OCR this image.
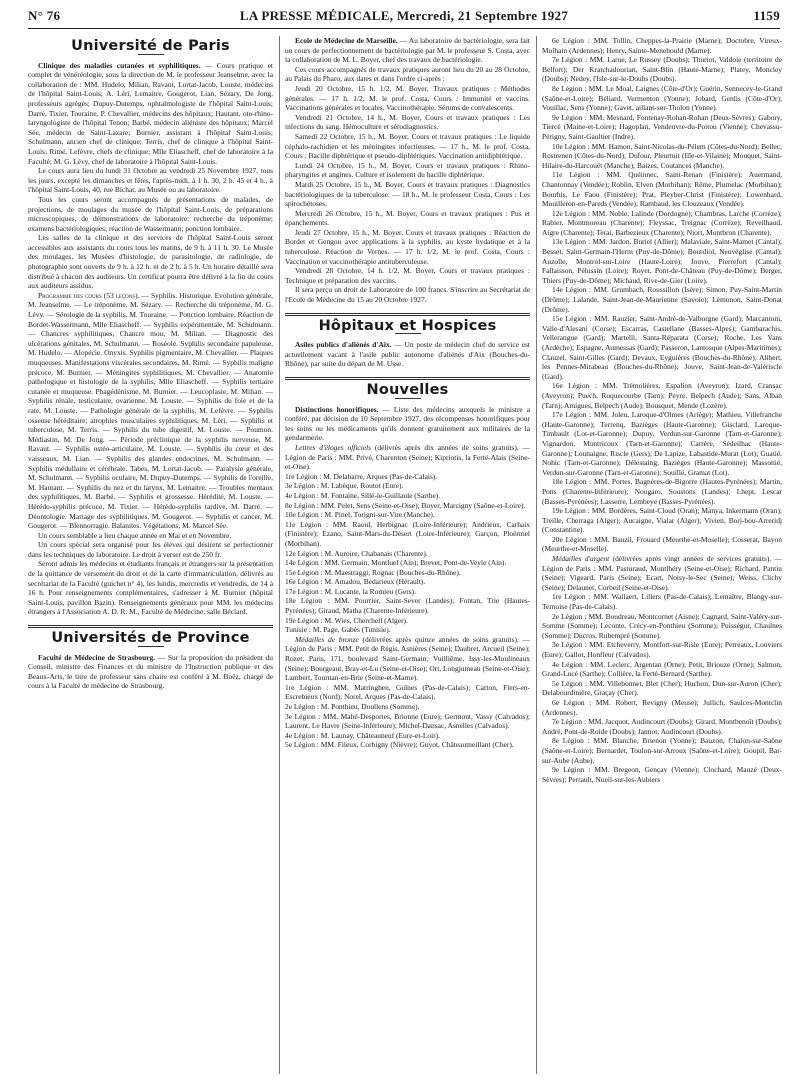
N° 76	LA PRESSE MÉDICALE, Mercredi, 21 Septembre 1927	1159
Université de Paris

Clinique des maladies cutanées et syphilitiques. — Cours pratique et complet de vénéréologie, sous la direction de M. le professeur Jeanselme, avec la collaboration de : MM. Hudelo, Milian, Ravaut, Lortat-Jacob, Louste, médecins de l'hôpital Saint-Louis; A. Léri, Lemaitre, Gougerot, Lian, Sézary, De Jong, professeurs agrégés; Dupuy-Dutemps, ophtalmologiste de l'hôpital Saint-Louis; Darré, Tixier, Touraine, P. Chevallier, médecins des hôpitaux; Hautant, oto-rhino-laryngologiste de l'hôpital Tenon; Barbé, médecin aliéniste des hôpitaux; Marcel Sée, médecin de Saint-Lazare; Burnier, assistant à l'hôpital Saint-Louis; Schulmann, ancien chef de clinique; Terris, chef de clinique à l'hôpital Saint-Louis; Rimé, Lefèvre, chefs de clinique; Mlle Eliascheff, chef de laboratoire à la Faculté; M. G. Lévy, chef de laboratoire à l'hôpital Saint-Louis.

Le cours aura lieu du lundi 31 Octobre au vendredi 25 Novembre 1927, tous les jours, excepté les dimanches et fêtes, l'après-midi, à 1 h. 30, 2 h. 45 et 4 h., à l'hôpital Saint-Louis, 40, rue Bichat, au Musée ou au laboratoire.

Tous les cours seront accompagnés de présentations de malades, de projections, de moulages du musée de l'hôpital Saint-Louis, de préparations microscopiques, de démonstrations de laboratoire: recherche du tréponème; examens bactériologiques; réaction de Wassermann; ponction lombaire.

Les salles de la clinique et des services de l'hôpital Saint-Louis seront accessibles aux assistants du cours tous les matins, de 9 h. à 11 h. 30. Le Musée des moulages, les Musées d'histologie, de parasitologie, de radiologie, de photographie sont ouverts de 9 h. à 12 h. et de 2 h. à 5 h. Un horaire détaillé sera distribué à chacun des auditeurs. Un certificat pourra être délivré à la fin du cours aux auditeurs assidus.

Programme des cours (53 leçons). — Syphilis. Historique. Evolution générale, M. Jeanselme. — Le tréponème, M. Sézary. — Recherche du tréponème, M. G. Lévy. — Sérologie de la syphilis, M. Touraine. — Ponction lombaire. Réaction de Bordet-Wassermann, Mlle Eliascheff. — Syphilis expérimentale, M. Schulmann. — Chancres syphilitiques, Chancre mou, M. Milian. — Diagnostic des ulcérations génitales, M. Schulmann. — Roséole. Syphilis secondaire papuleuse, M. Hudelo. — Alopécie. Onyxis. Syphilis pigmentaire, M. Chevallier. — Plaques muqueuses. Manifestations viscérales secondaires, M. Rimé. — Syphilis maligne précoce, M. Burnier. — Méningites syphilitiques, M. Chevallier. — Anatomie pathologique et histologie de la syphilis, Mlle Eliascheff. — Syphilis tertiaire cutanée et muqueuse. Phagédénisme, M. Burnier. — Leucoplasie, M. Milian. — Syphilis rénale, testiculaire, ovarienne, M. Louste. — Syphilis du foie et de la rate, M. Louste. — Pathologie générale de la syphilis, M. Lefèvre. — Syphilis osseuse héréditaire; atrophies musculaires syphilitiques, M. Léri. — Syphilis et tuberculose, M. Terris. — Syphilis du tube digestif, M. Louste. — Poumon. Médiastin, M. De Jong. — Période préclinique de la syphilis nerveuse, M. Ravaut. — Syphilis ostéo-articulaire, M. Louste. — Syphilis du cœur et des vaisseaux, M. Lian. — Syphilis des glandes endocrines, M. Schulmann. — Syphilis médullaire et cérébrale. Tabes, M. Lortat-Jacob. — Paralysie générale, M. Schulmann. — Syphilis oculaire, M. Dupuy-Dutemps. — Syphilis de l'oreille, M. Hautant. — Syphilis du nez et du larynx, M. Lemaitre. — Troubles mentaux des syphilitiques, M. Barbé. — Syphilis et grossesse. Hérédité, M. Louste. — Hérédo-syphilis précoce, M. Tixier. — Hérédo-syphilis tardive, M. Darré. — Déontologie. Mariage des syphilitiques, M. Gougerot. — Syphilis et cancer, M. Gougerot. — Blennorragie. Balanites. Végétations, M. Marcel Sée.

Un cours semblable a lieu chaque année en Mai et en Novembre.

Un cours spécial sera organisé pour les élèves qui désirent se perfectionner dans les techniques de laboratoire. Le droit à verser est de 250 fr.

Seront admis les médecins et étudiants français et étrangers sur la présentation de la quittance de versement du droit et de la carte d'immatriculation, délivrés au secrétariat de la Faculté (guichet n° 4), les lundis, mercredis et vendredis, de 14 à 16 h. Pour renseignements complémentaires, s'adresser à M. Burnier (hôpital Saint-Louis, pavillon Bazin). Renseignements généraux pour MM. les médecins étrangers à l'Association A. D. R. M., Faculté de Médecine, salle Béclard.

Universités de Province

Faculté de Médecine de Strasbourg. — Sur la proposition du président du Conseil, ministre des Finances et du ministre de l'Instruction publique et des Beaux-Arts, le titre de professeur sans chaire est conféré à M. Boëz, chargé de cours à la Faculté de médecine de Strasbourg.

Ecole de Médecine de Marseille. — Au laboratoire de bactériologie, sera fait un cours de perfectionnement de bactériologie par M. le professeur S. Costa, avec la collaboration de M. L. Boyer, chef des travaux de bactériologie.

Ces cours accompagnés de travaux pratiques auront lieu du 20 au 28 Octobre, au Palais du Pharo, aux dates et dans l'ordre ci-après :

Jeudi 20 Octobre, 15 h. 1/2, M. Boyer, Travaux pratiques : Méthodes générales. — 17 h. 1/2, M. le prof. Costa, Cours : Immunité et vaccins. Vaccinations générales et locales. Vaccinothérapie. Sérums de convalescents.

Vendredi 21 Octobre, 14 h., M. Boyer, Cours et travaux pratiques : Les infections du sang. Hémoculture et sérodiagnostics.

Samedi 22 Octobre, 15 h., M. Boyer, Cours et travaux pratiques : Le liquide céphalo-rachidien et les méningites infectieuses. — 17 h., M. le prof. Costa, Cours : Bacille diphtérique et pseudo-diphtériques. Vaccination antidiphtérique.

Lundi 24 Octobre, 15 h., M. Boyer, Cours et travaux pratiques : Rhino-pharyngites et angines. Culture et isolement du bacille diphtérique.

Mardi 25 Octobre, 15 h., M. Boyer, Cours et travaux pratiques : Diagnostics bactériologiques de la tuberculose. — 18 h., M. le professeur Costa, Cours : Les spirochétoses.

Mercredi 26 Octobre, 15 h., M. Boyer, Cours et travaux pratiques : Pus et épanchements.

Jeudi 27 Octobre, 15 h., M. Boyer, Cours et travaux pratiques : Réaction de Bordet et Gengou avec applications à la syphilis, au kyste hydatique et à la tuberculose. Réaction de Vernes. — 17 h. 1/2, M. le prof. Costa, Cours : Vaccination et vaccinothérapie antituberculeuse.

Vendredi 28 Octobre, 14 h. 1/2, M. Boyer, Cours et travaux pratiques : Technique et préparation des vaccins.

Il sera perçu un droit de Laboratoire de 100 francs. S'inscrire au Secrétariat de l'Ecole de Médecine du 15 au 20 Octobre 1927.

Hôpitaux et Hospices

Asiles publics d'aliénés d'Aix. — Un poste de médecin chef de service est actuellement vacant à l'asile public autonome d'aliénés d'Aix (Bouches-du-Rhône), par suite du départ de M. Usse.

Nouvelles

Distinctions honorifiques. — Liste des médecins auxquels le ministre a conféré, par décision du 10 Septembre 1927, des récompenses honorifiques pour les soins ou les médicaments qu'ils donnent gratuitement aux militaires de la gendarmerie.

Lettres d'éloges officiels (délivrés après dix années de soins gratuits). — Légion de Paris : MM. Privé, Charenton (Seine); Kipriotis, la Ferté-Alais (Seine-et-Oise).

1re Légion : M. Delabarre, Arques (Pas-de-Calais).
3e Légion : M. Labèque, Routot (Eure).
4e Légion : M. Fontaine, Sillé-le-Guillaule (Sarthe).
8e Légion : MM. Pelet, Sens (Seine-et-Oise); Boyer, Marcigny (Saône-et-Loire).
10e Légion : M. Pinel, Torigni-sur-Vire (Manche).
11e Légion : MM. Raoul, Herbignac (Loire-Inférieure); Andrieux, Carhaix (Finistère); Ezano, Saint-Mars-du-Désert (Loire-Inférieure); Garçon, Ploërmel (Morbihan).
12e Légion : M. Auroire, Chabanais (Charente).
14e Légion : MM. Germain, Montluel (Ain); Brevet, Pont-de-Veyle (Ain).
15e Légion : M. Maestraggi, Rognac (Bouches-du-Rhône).
16e Légion : M. Amadou, Bédarieux (Hérault).
17e Légion : M. Lucante, la Romieu (Gers).
18e Légion : MM. Pourrier, Saint-Sever (Landes); Fontan, Trie (Hautes-Pyrénées); Giraud, Matha (Charente-Inférieure).
19e Légion : M. Wies, Cherchell (Alger).
Tunisie : M. Page, Gabès (Tunisie).

Médailles de bronze (délivrées après quinze années de soins gratuits). — Légion de Paris : MM. Petit de Régis, Asnières (Seine); Daubret, Arcueil (Seine); Rozet, Paris, 171, boulevard Saint-Germain; Vuilliême, Issy-les-Moulineaux (Seine); Bourgeaut, Bray-et-Lu (Seine-et-Oise); Ort, Longjumeau (Seine-et-Oise); Lambert, Tournan-en-Brie (Seine-et-Marne).

1re Légion : MM. Matringhen, Guînes (Pas-de-Calais); Carton, Flers-en-Escrebieux (Nord); Norel, Arques (Pas-de-Calais).
2e Légion : M. Ponthieu, Doullens (Somme).
3e Légion : MM. Mahé-Desportes, Brionne (Eure); Germont, Vassy (Calvados); Laurent, Le Havre (Seine-Inférieure); Michel-Dansac, Asnelles (Calvados).
4e Légion : M. Launay, Châteauneuf (Eure-et-Loir).
5e Légion : MM. Fileux, Corbigny (Nièvre); Guyot, Châteaumeillant (Cher).

6e Légion : MM. Tollin, Cheppes-la-Prairie (Marne); Doctobre, Vireux-Molhain (Ardennes); Henry, Sainte-Menehould (Marne).

7e Légion : MM. Larue, Le Russey (Doubs); Thuriot, Valdoie (territoire de Belfort); Der Kratchadourian, Saint-Blin (Haute-Marne); Platey, Moncley (Doubs); Nedey, l'Isle-sur-le-Doubs (Doubs).

8e Légion : MM. Le Moal, Laignes (Côte-d'Or); Guérin, Sennecey-le-Grand (Saône-et-Loire); Béliard, Vermenton (Yonne); Jobard, Genlis (Côte-d'Or); Vouillac, Sens (Yonne); Gavet, aillant-sur-Tholon (Yonne).

9e Légion : MM. Mesnard, Fontenay-Rohan-Rohan (Deux-Sèvres); Gabory, Tiercé (Maine-et-Loire); Hagoplan, Vendeuvre-du-Poitou (Vienne); Chevassu-Périgny, Saint-Gaultier (Indre).

10e Légion : MM. Hamon, Saint-Nicolas-du-Pélem (Côtes-du-Nord); Bellec, Rostrenen (Côtes-du-Nord); Dufour, Pleurtuit (Ille-et-Vilaine); Mouquet, Saint-Hilaire-du-Harcouët (Manche); Baizes, Coutances (Manche).

11e Légion : MM. Quéinnec, Saint-Renan (Finistère); Auermand, Chantonnay (Vendée); Roblin, Elven (Morbihan); Rême, Plumelac (Morbihan); Bourhis, Le Faou (Finistère); Prat, Pleyber-Christ (Finistère); Lowenhard, Mouilleron-en-Pareds (Vendée); Rambaud, les Clouzeaux (Vendée).

12e Légion : MM. Noble, Lalinde (Dordogne); Chambras, Larche (Corrèze); Rabier, Montmoreau (Charente); Fleyssac, Treignac (Corrèze); Reveilhaud, Aigre (Charente); Terai, Barbezieux (Charente); Niort, Montbron (Charente).

13e Légion : MM. Jardon, Buriel (Allier); Malaviale, Saint-Mamet (Cantal); Besset, Saint-Germain-l'Herm (Puy-de-Dôme); Bourdiol, Neuvéglise (Cantal); Auzolle, Montrol-sur-Loire (Haute-Loire); Jouve, Pierrefort (Cantal); Fallaisson, Pélussin (Loire); Royet, Pont-de-Château (Puy-de-Dôme); Berger, Thiers (Puy-de-Dôme); Michaud, Rive-de-Gier (Loire).

14e Légion : MM. Grumbach, Roussillon (Isère); Simon, Puy-Saint-Martin (Drôme); Lalande, Saint-Jean-de-Maurienne (Savoie); Lémonon, Saint-Donat (Drôme).

15e Légion : MM. Rauzier, Saint-André-de-Valborgne (Gard); Marcantoni, Valle-d'Alesani (Corse); Escarras, Castellane (Basses-Alpes); Gambarachis, Vellerangue (Gard); Martelli, Santa-Réparata (Corse); Roche, Les Vans (Ardèche); Espagne, Aumessas (Gard); Passeron, Lantosque (Alpes-Maritimes); Clauzel, Saint-Gilles (Gard); Devaux, Eyguières (Bouches-du-Rhône); Alibert, les Pennes-Mirabeau (Bouches-du-Rhône); Jouve, Saint-Jean-de-Valériscle (Gard).

16e Légion : MM. Trémolières, Espalion (Aveyron); Izard, Cransac (Aveyron); Puech, Roquecourbe (Tarn); Peyre, Belpech (Aude); Sans, Alban (Tarn); Amigues, Belpech (Aude); Bousquet, Mende (Lozère).

17e Légion : MM. Joleu, Laroque-d'Olmes (Ariège); Mathieu, Villefranche (Haute-Garonne); Terrenq, Bazièges (Haute-Garonne); Gisclard, Laroque-Timbault (Lot-et-Garonne); Dupuy, Verdun-sur-Garonne (Tarn-et-Garonne); Vignardou, Montricoux (Tarn-et-Garonne); Carrère, Sédeilhac (Haute-Garonne); Lounaigne, Riscle (Gers); De Lapize, Labastide-Murat (Lot); Guatié, Nohic (Tarn-et-Garonne); Délestaing, Bazièges (Haute-Garonne); Massonié, Verdun-sur-Garonne (Tarn-et-Garonne); Souillé, Gramat (Lot).

18e Légion : MM. Portes, Bagnères-de-Bigorre (Hautes-Pyrénées); Martin, Pons (Charente-Inférieure); Nougaro, Soustons (Landes); Lhept, Lescar (Basses-Pyrénées); Lasserre, Lembeye (Basses-Pyrénées).

19e Légion : MM. Bordères, Saint-Cloud (Oran); Manya, Inkermann (Oran); Treille, Cherraga (Alger); Aucaigne, Vialar (Alger); Vivien, Borj-bou-Arreridj (Constantine).

20e Légion : MM. Bauzil, Frouard (Meurthe-et-Moselle); Cosserat, Bayon (Meurthe-et-Moselle).

Médailles d'argent (délivrées après vingt années de services gratuits). — Légion de Paris : MM. Pasturaud, Montlhéry (Seine-et-Oise); Richard, Pantin (Seine); Vigeard, Paris (Seine); Ecart, Noisy-le-Sec (Seine); Weiss, Clichy (Seine); Delaunet, Corbeil (Seine-et-Oise).

1re Légion : MM. Wallaert, Lillers (Pas-de-Calais); Lemaître, Blangy-sur-Ternoise (Pas-de-Calais).

2e Légion : MM. Boudreau, Montcornet (Aisne); Cagnard, Saint-Valéry-sur-Somme (Somme); Leconte, Crécy-en-Ponthieu (Somme); Puisségur, Chaulnes (Somme); Ducros, Rubempré (Somme).

3e Légion : MM. Etcheverry, Montfort-sur-Risle (Eure); Perreaux, Louviers (Eure); Gallot, Honfleur (Calvados).

4e Légion : MM. Leclerc, Argentan (Orne); Petit, Briouze (Orne); Salmon, Grand-Lucé (Sarthe); Collière, la Ferté-Bernard (Sarthe).

5e Légion : MM. Villebonnet, Blet (Cher); Huchon, Dun-sur-Auron (Cher); Delabourdinière, Graçay (Cher).

6e Légion : MM. Robert, Revigny (Meuse); Jullich, Saulces-Montclin (Ardennes).

7e Légion : MM. Jacquot, Audincourt (Doubs); Girard, Montbenoît (Doubs); André, Pont-de-Roide (Doubs); Jannot, Audincourt (Doubs).

8e Légion : MM. Blanche, Brienon (Yonne); Bauzon, Chalon-sur-Saône (Saône-et-Loire); Bernardet, Toulon-sur-Arroux (Saône-et-Loire); Goupil, Bar-sur-Aube (Aube).

9e Légion : MM. Bregeon, Gençay (Vienne); Clochard, Mauzé (Deux-Sèvres); Perrault, Nueil-sur-les-Aubiers
